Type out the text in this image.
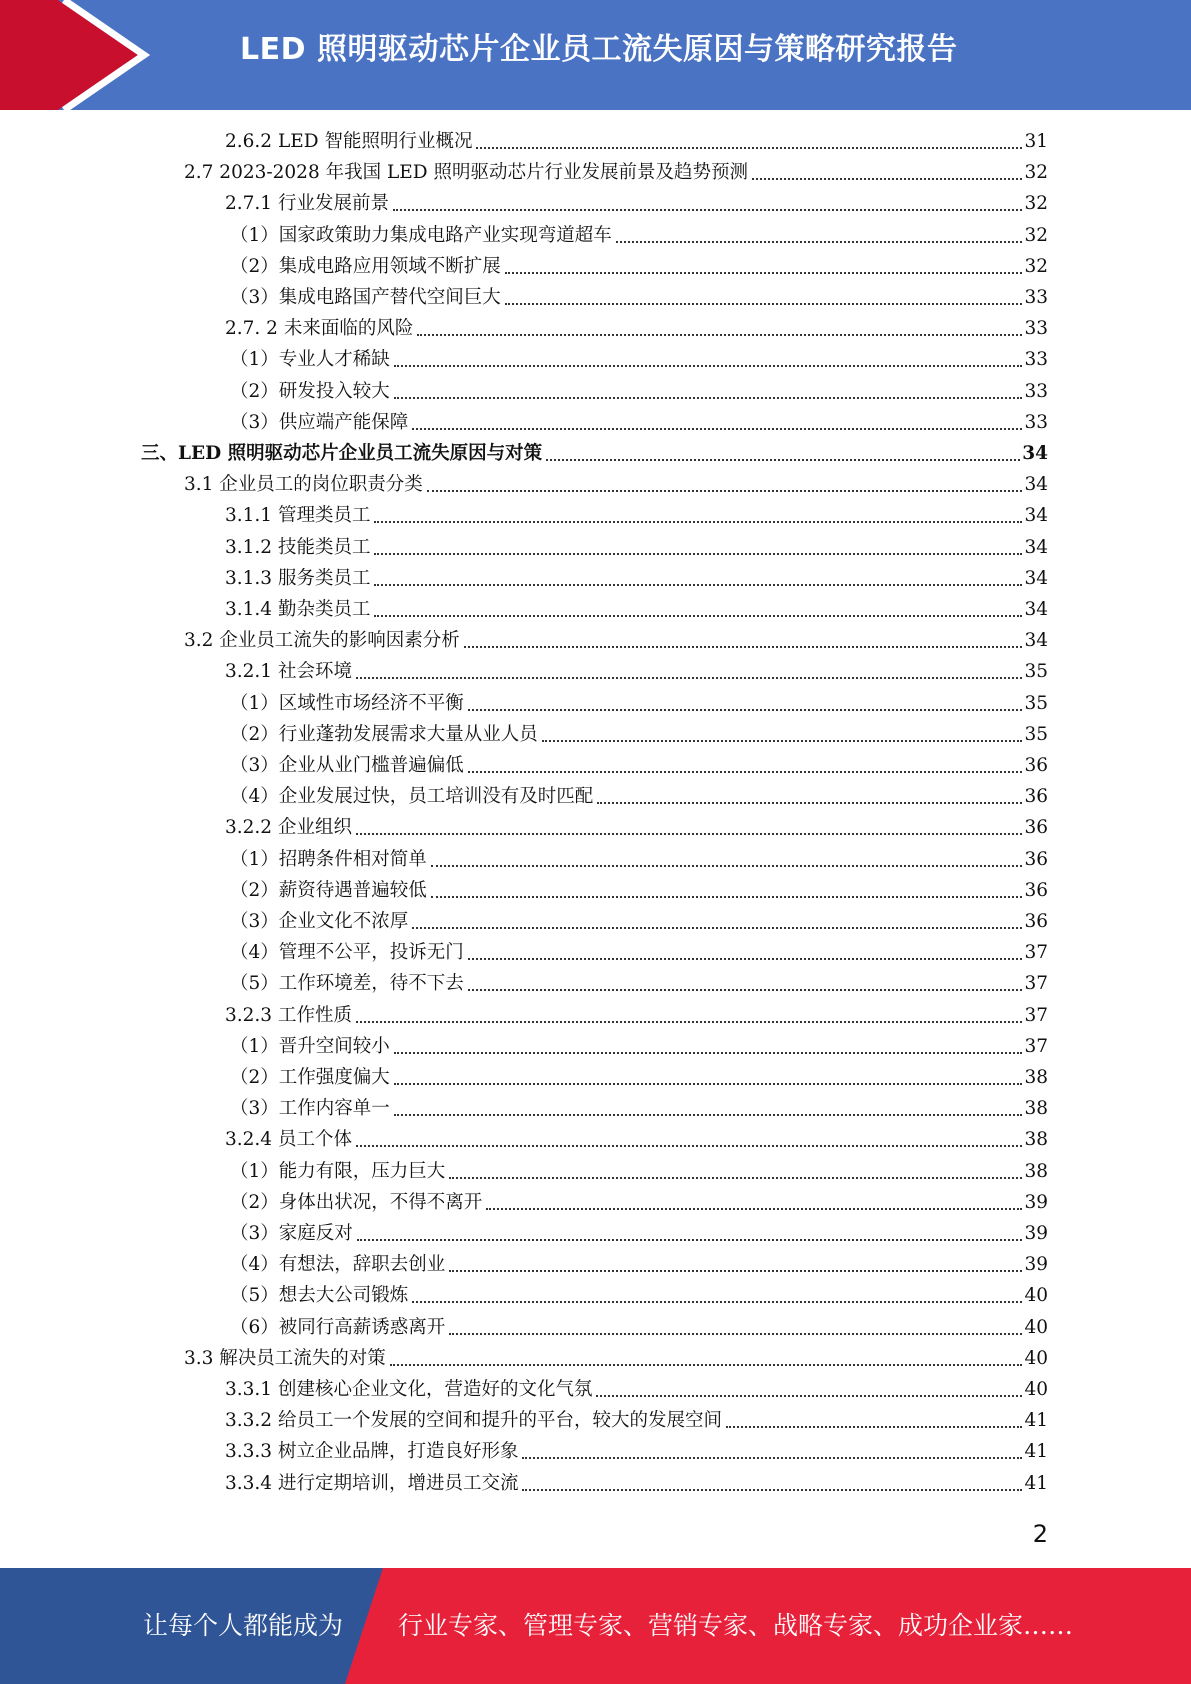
LED 照明驱动芯片企业员工流失原因与策略研究报告
2.6.2 LED 智能照明行业概况	31
2.7 2023-2028 年我国 LED 照明驱动芯片行业发展前景及趋势预测	32
2.7.1 行业发展前景	32
（1）国家政策助力集成电路产业实现弯道超车	32
（2）集成电路应用领域不断扩展	32
（3）集成电路国产替代空间巨大	33
2.7. 2 未来面临的风险	33
（1）专业人才稀缺	33
（2）研发投入较大	33
（3）供应端产能保障	33
三、LED 照明驱动芯片企业员工流失原因与对策	34
3.1 企业员工的岗位职责分类	34
3.1.1 管理类员工	34
3.1.2 技能类员工	34
3.1.3 服务类员工	34
3.1.4 勤杂类员工	34
3.2 企业员工流失的影响因素分析	34
3.2.1 社会环境	35
（1）区域性市场经济不平衡	35
（2）行业蓬勃发展需求大量从业人员	35
（3）企业从业门槛普遍偏低	36
（4）企业发展过快，员工培训没有及时匹配	36
3.2.2 企业组织	36
（1）招聘条件相对简单	36
（2）薪资待遇普遍较低	36
（3）企业文化不浓厚	36
（4）管理不公平，投诉无门	37
（5）工作环境差，待不下去	37
3.2.3 工作性质	37
（1）晋升空间较小	37
（2）工作强度偏大	38
（3）工作内容单一	38
3.2.4 员工个体	38
（1）能力有限，压力巨大	38
（2）身体出状况，不得不离开	39
（3）家庭反对	39
（4）有想法，辞职去创业	39
（5）想去大公司锻炼	40
（6）被同行高薪诱惑离开	40
3.3 解决员工流失的对策	40
3.3.1 创建核心企业文化，营造好的文化气氛	40
3.3.2 给员工一个发展的空间和提升的平台，较大的发展空间	41
3.3.3 树立企业品牌，打造良好形象	41
3.3.4 进行定期培训，增进员工交流	41
2
让每个人都能成为 行业专家、管理专家、营销专家、战略专家、成功企业家……
